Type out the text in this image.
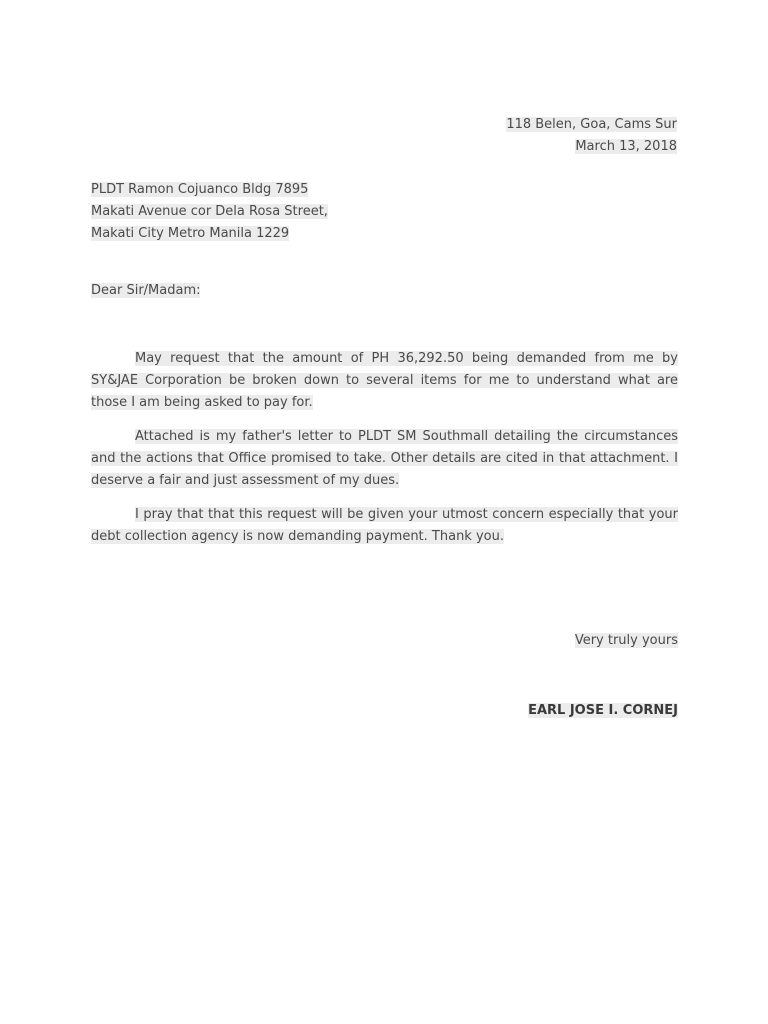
118 Belen, Goa, Cams Sur
March 13, 2018
PLDT Ramon Cojuanco Bldg 7895
Makati Avenue cor Dela Rosa Street,
Makati City Metro Manila 1229
Dear Sir/Madam:

May request that the amount of PH 36,292.50 being demanded from me by SY&JAE Corporation be broken down to several items for me to understand what are those I am being asked to pay for.

Attached is my father's letter to PLDT SM Southmall detailing the circumstances and the actions that Office promised to take. Other details are cited in that attachment. I deserve a fair and just assessment of my dues.

I pray that that this request will be given your utmost concern especially that your debt collection agency is now demanding payment. Thank you.

Very truly yours
EARL JOSE I. CORNEJ
